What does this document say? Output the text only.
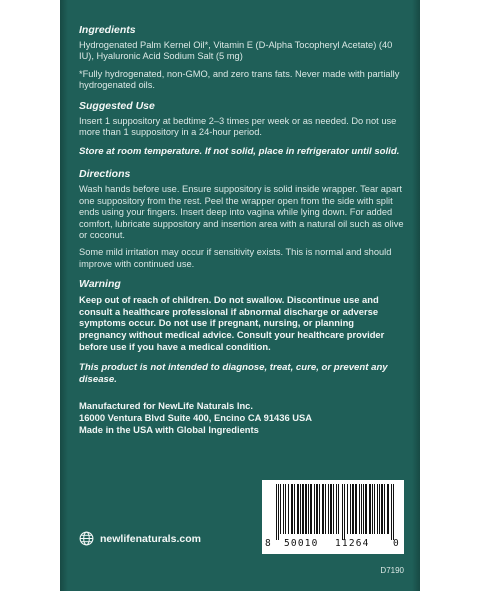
Ingredients
Hydrogenated Palm Kernel Oil*, Vitamin E (D-Alpha Tocopheryl Acetate) (40 IU), Hyaluronic Acid Sodium Salt (5 mg)
*Fully hydrogenated, non-GMO, and zero trans fats. Never made with partially hydrogenated oils.
Suggested Use
Insert 1 suppository at bedtime 2–3 times per week or as needed. Do not use more than 1 suppository in a 24-hour period.
Store at room temperature. If not solid, place in refrigerator until solid.
Directions
Wash hands before use. Ensure suppository is solid inside wrapper. Tear apart one suppository from the rest. Peel the wrapper open from the side with split ends using your fingers. Insert deep into vagina while lying down. For added comfort, lubricate suppository and insertion area with a natural oil such as olive or coconut.
Some mild irritation may occur if sensitivity exists. This is normal and should improve with continued use.
Warning
Keep out of reach of children. Do not swallow. Discontinue use and consult a healthcare professional if abnormal discharge or adverse symptoms occur. Do not use if pregnant, nursing, or planning pregnancy without medical advice. Consult your healthcare provider before use if you have a medical condition.
This product is not intended to diagnose, treat, cure, or prevent any disease.
Manufactured for NewLife Naturals Inc.
16000 Ventura Blvd Suite 400, Encino CA 91436 USA
Made in the USA with Global Ingredients
newlifenaturals.com	8 50010 11264 0
D7190
